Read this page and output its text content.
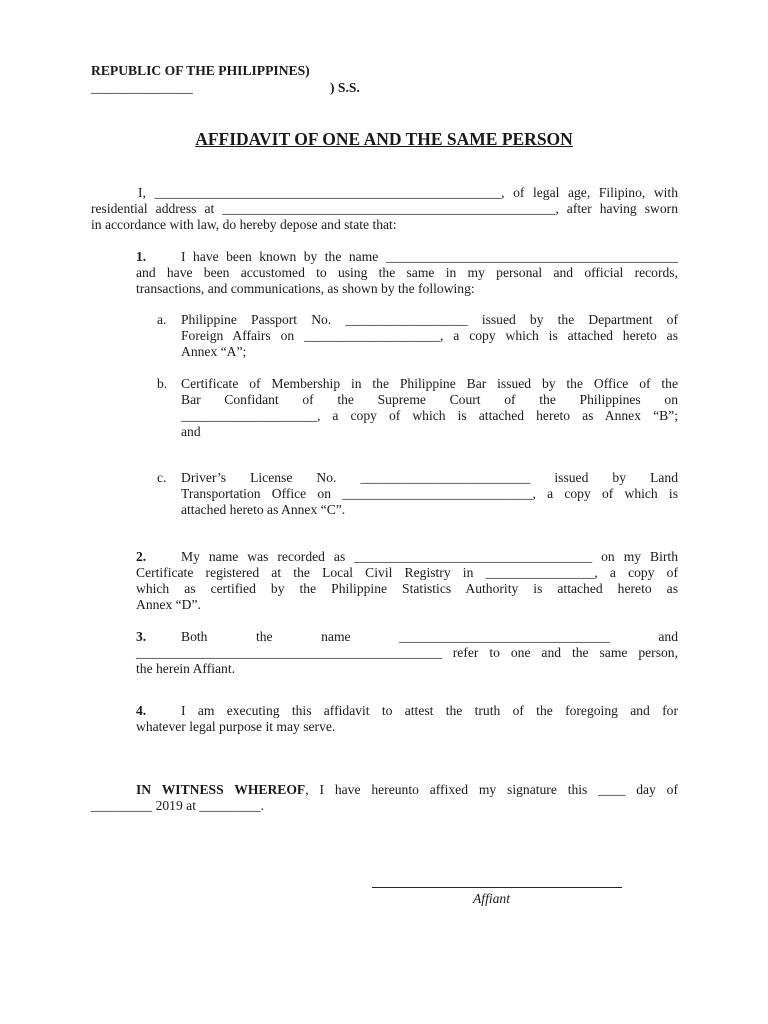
REPUBLIC OF THE PHILIPPINES)
_______________	) S.S.
AFFIDAVIT OF ONE AND THE SAME PERSON
I, ___________________________________________________, of legal age, Filipino, with
residential address at _________________________________________________, after having sworn
in accordance with law, do hereby depose and state that:
1.	I have been known by the name ___________________________________________
and have been accustomed to using the same in my personal and official records,
transactions, and communications, as shown by the following:
a. Philippine Passport No. __________________ issued by the Department of
Foreign Affairs on ____________________, a copy which is attached hereto as
Annex “A”;
b. Certificate of Membership in the Philippine Bar issued by the Office of the
Bar Confidant of the Supreme Court of the Philippines on
____________________, a copy of which is attached hereto as Annex “B”;
and
c. Driver’s License No. _________________________ issued by Land
Transportation Office on ____________________________, a copy of which is
attached hereto as Annex “C”.
2.	My name was recorded as ___________________________________ on my Birth
Certificate registered at the Local Civil Registry in ________________, a copy of
which as certified by the Philippine Statistics Authority is attached hereto as
Annex “D”.
3.	Both the name _______________________________ and
_____________________________________________ refer to one and the same person,
the herein Affiant.
4.	I am executing this affidavit to attest the truth of the foregoing and for
whatever legal purpose it may serve.
IN WITNESS WHEREOF, I have hereunto affixed my signature this ____ day of
_________ 2019 at _________.
Affiant
